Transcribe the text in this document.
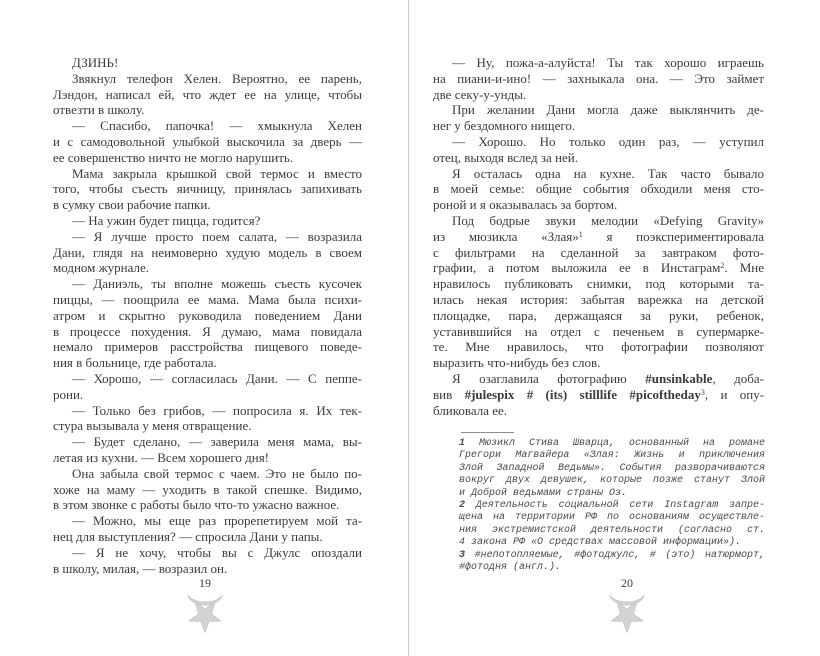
ДЗИНЬ!
Звякнул телефон Хелен. Вероятно, ее парень,
Лэндон, написал ей, что ждет ее на улице, чтобы
отвезти в школу.
— Спасибо, папочка! — хмыкнула Хелен
и с самодовольной улыбкой выскочила за дверь —
ее совершенство ничто не могло нарушить.
Мама закрыла крышкой свой термос и вместо
того, чтобы съесть яичницу, принялась запихивать
в сумку свои рабочие папки.
— На ужин будет пицца, годится?
— Я лучше просто поем салата, — возразила
Дани, глядя на неимоверно худую модель в своем
модном журнале.
— Даниэль, ты вполне можешь съесть кусочек
пиццы, — поощрила ее мама. Мама была психи-
атром и скрытно руководила поведением Дани
в процессе похудения. Я думаю, мама повидала
немало примеров расстройства пищевого поведе-
ния в больнице, где работала.
— Хорошо, — согласилась Дани. — С пеппе-
рони.
— Только без грибов, — попросила я. Их тек-
стура вызывала у меня отвращение.
— Будет сделано, — заверила меня мама, вы-
летая из кухни. — Всем хорошего дня!
Она забыла свой термос с чаем. Это не было по-
хоже на маму — уходить в такой спешке. Видимо,
в этом звонке с работы было что-то ужасно важное.
— Можно, мы еще раз прорепетируем мой та-
нец для выступления? — спросила Дани у папы.
— Я не хочу, чтобы вы с Джулс опоздали
в школу, милая, — возразил он.
19
— Ну, пожа-а-алуйста! Ты так хорошо играешь
на пиани-и-ино! — захныкала она. — Это займет
две секу-у-унды.
При желании Дани могла даже выклянчить де-
нег у бездомного нищего.
— Хорошо. Но только один раз, — уступил
отец, выходя вслед за ней.
Я осталась одна на кухне. Так часто бывало
в моей семье: общие события обходили меня сто-
роной и я оказывалась за бортом.
Под бодрые звуки мелодии «Defying Gravity»
из мюзикла «Злая»$^1$ я поэкспериментировала
с фильтрами на сделанной за завтраком фото-
графии, а потом выложила ее в Инстаграм$^2$. Мне
нравилось публиковать снимки, под которыми та-
илась некая история: забытая варежка на детской
площадке, пара, держащаяся за руки, ребенок,
уставившийся на отдел с печеньем в супермарке-
те. Мне нравилось, что фотографии позволяют
выразить что-нибудь без слов.
Я озаглавила фотографию #unsinkable, доба-
вив #julespix # (its) stilllife #picoftheday$^3$, и опу-
бликовала ее.
1 Мюзикл Стива Шварца, основанный на романе
Грегори Магвайера «Злая: Жизнь и приключения
Злой Западной Ведьмы». События разворачиваются
вокруг двух девушек, которые позже станут Злой
и Доброй ведьмами страны Оз.
2 Деятельность социальной сети Instagram запре-
щена на территории РФ по основаниям осуществле-
ния экстремистской деятельности (согласно ст.
4 закона РФ «О средствах массовой информации»).
3 #непотопляемые, #фотоджулс, # (это) натюрморт,
#фотодня (англ.).
20
